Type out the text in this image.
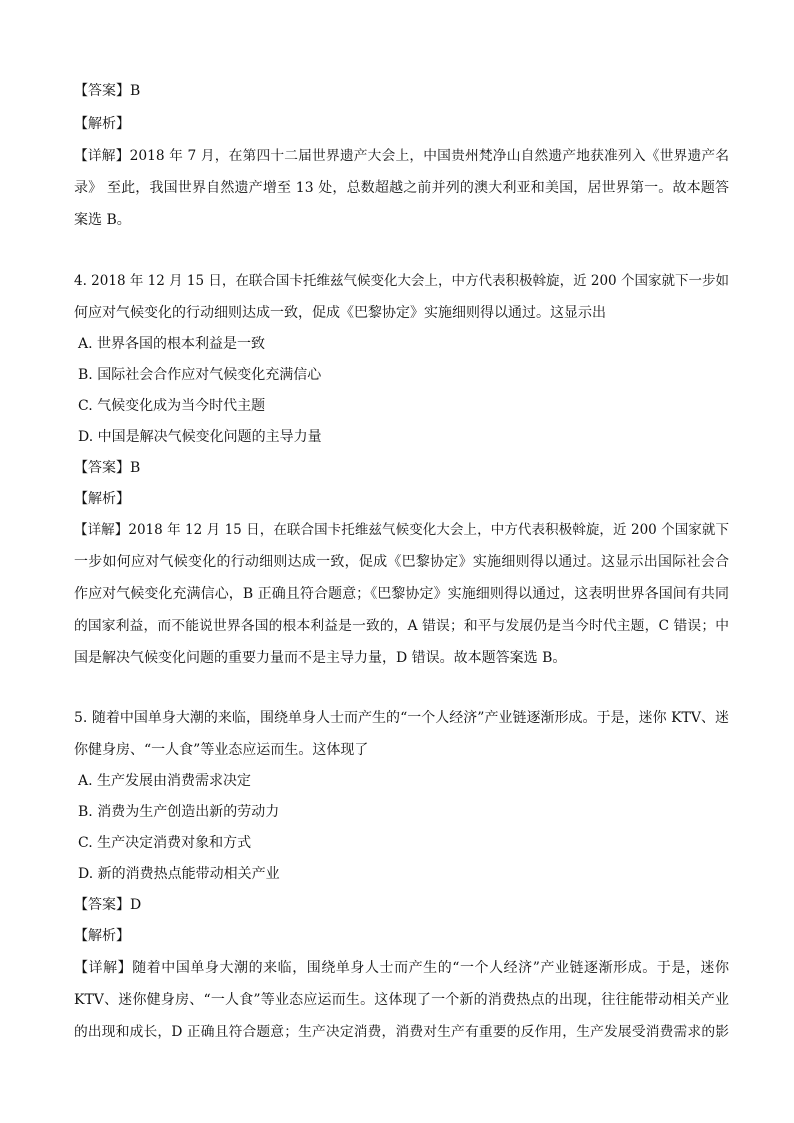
【答案】B
【解析】
【详解】2018 年 7 月，在第四十二届世界遗产大会上，中国贵州梵净山自然遗产地获准列入《世界遗产名
录》 至此，我国世界自然遗产增至 13 处，总数超越之前并列的澳大利亚和美国，居世界第一。故本题答
案选 B。
4. 2018 年 12 月 15 日，在联合国卡托维兹气候变化大会上，中方代表积极斡旋，近 200 个国家就下一步如
何应对气候变化的行动细则达成一致，促成《巴黎协定》实施细则得以通过。这显示出
A. 世界各国的根本利益是一致
B. 国际社会合作应对气候变化充满信心
C. 气候变化成为当今时代主题
D. 中国是解决气候变化问题的主导力量
【答案】B
【解析】
【详解】2018 年 12 月 15 日，在联合国卡托维兹气候变化大会上，中方代表积极斡旋，近 200 个国家就下
一步如何应对气候变化的行动细则达成一致，促成《巴黎协定》实施细则得以通过。这显示出国际社会合
作应对气候变化充满信心，B 正确且符合题意；《巴黎协定》实施细则得以通过，这表明世界各国间有共同
的国家利益，而不能说世界各国的根本利益是一致的，A 错误；和平与发展仍是当今时代主题，C 错误；中
国是解决气候变化问题的重要力量而不是主导力量，D 错误。故本题答案选 B。
5. 随着中国单身大潮的来临，围绕单身人士而产生的“一个人经济”产业链逐渐形成。于是，迷你 KTV、迷
你健身房、“一人食”等业态应运而生。这体现了
A. 生产发展由消费需求决定
B. 消费为生产创造出新的劳动力
C. 生产决定消费对象和方式
D. 新的消费热点能带动相关产业
【答案】D
【解析】
【详解】随着中国单身大潮的来临，围绕单身人士而产生的“一个人经济”产业链逐渐形成。于是，迷你
KTV、迷你健身房、“一人食”等业态应运而生。这体现了一个新的消费热点的出现，往往能带动相关产业
的出现和成长，D 正确且符合题意；生产决定消费，消费对生产有重要的反作用，生产发展受消费需求的影
